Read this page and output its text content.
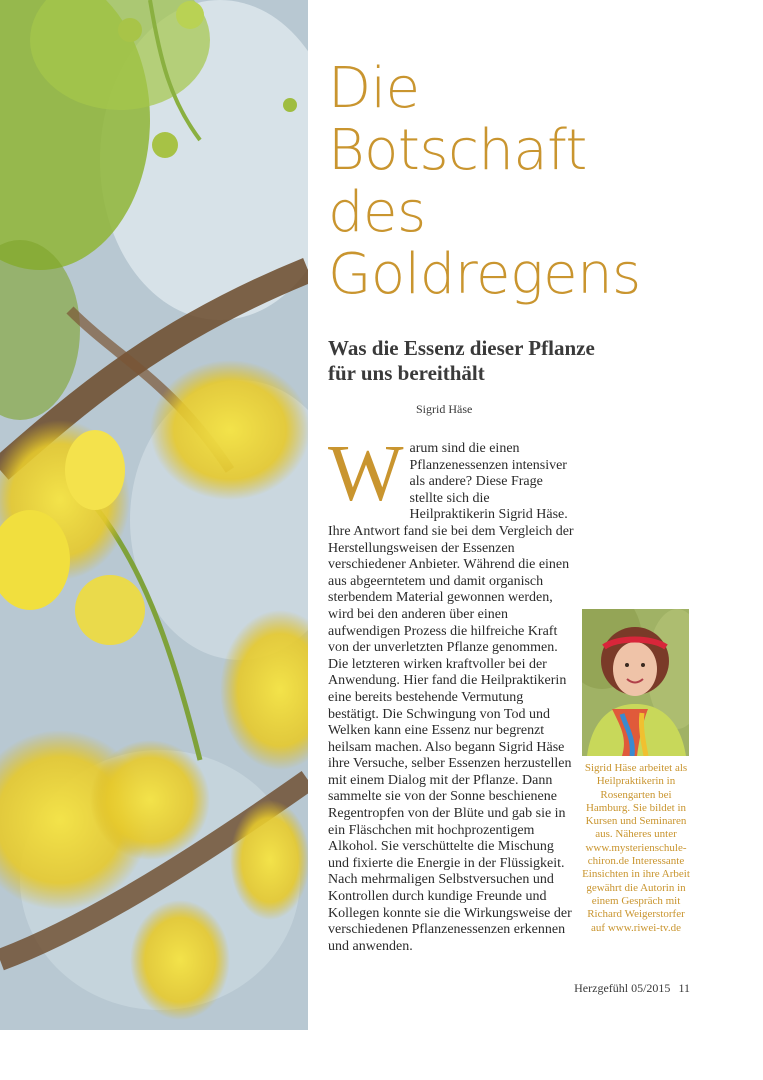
Die
Botschaft
des
Goldregens
Was die Essenz dieser Pflanze
für uns bereithält
Sigrid Häse
W arum sind die einen Pflanzenessenzen intensiver als andere? Diese Frage stellte sich die Heilpraktikerin Sigrid Häse. Ihre Antwort fand sie bei dem Vergleich der Herstellungsweisen der Essenzen verschiedener Anbieter. Während die einen aus abgeerntetem und damit organisch sterbendem Material gewonnen werden, wird bei den anderen über einen aufwendigen Prozess die hilfreiche Kraft von der unverletzten Pflanze genommen. Die letzteren wirken kraftvoller bei der Anwendung. Hier fand die Heilpraktikerin eine bereits bestehende Vermutung bestätigt. Die Schwingung von Tod und Welken kann eine Essenz nur begrenzt heilsam machen. Also begann Sigrid Häse ihre Versuche, selber Essenzen herzustellen mit einem Dialog mit der Pflanze. Dann sammelte sie von der Sonne beschienene Regentropfen von der Blüte und gab sie in ein Fläschchen mit hochprozentigem Alkohol. Sie verschüttelte die Mischung und fixierte die Energie in der Flüssigkeit. Nach mehrmaligen Selbstversuchen und Kontrollen durch kundige Freunde und Kollegen konnte sie die Wirkungsweise der verschiedenen Pflanzenessenzen erkennen und anwenden.

Sigrid Häse arbeitet als Heilpraktikerin in Rosengarten bei Hamburg. Sie bildet in Kursen und Seminaren aus. Näheres unter www.mysterienschule-chiron.de Interessante Einsichten in ihre Arbeit gewährt die Autorin in einem Gespräch mit Richard Weigerstorfer auf www.riwei-tv.de
Herzgefühl 05/2015 11
